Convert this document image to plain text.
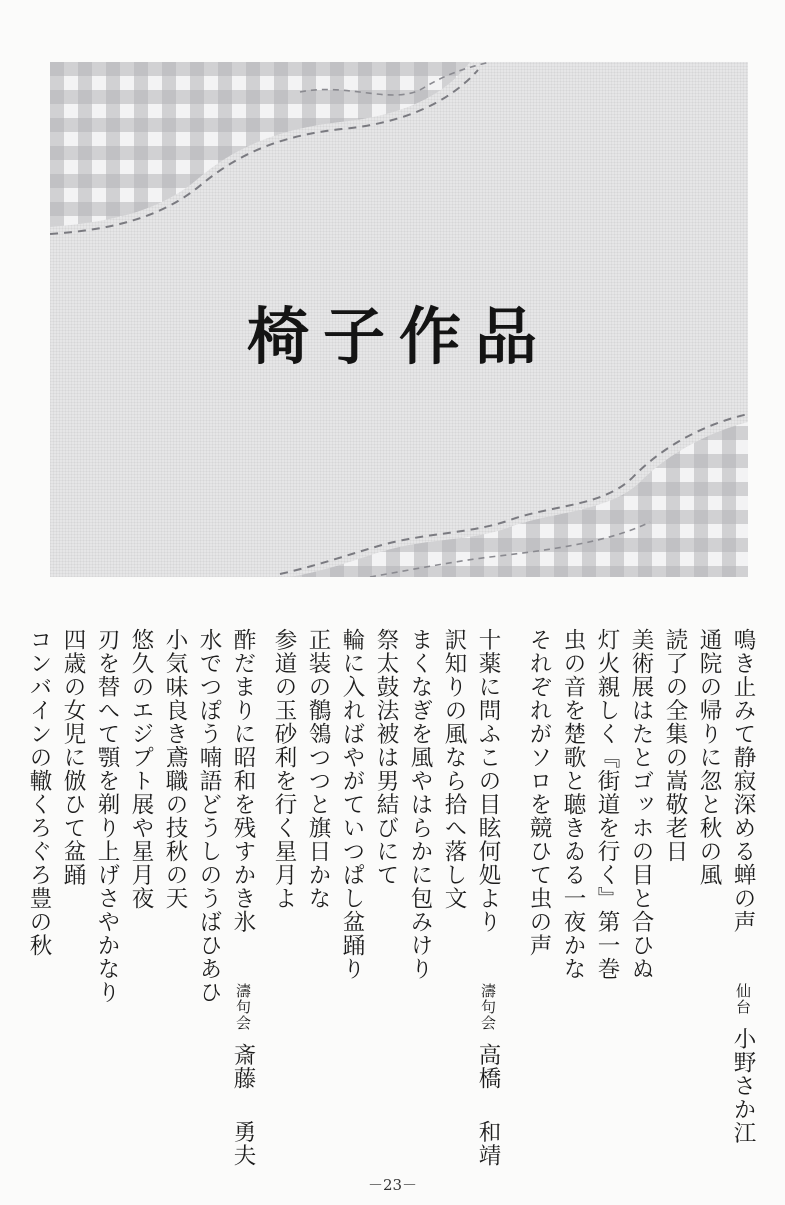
椅子作品
鳴き止みて静寂深める蝉の声
通院の帰りに忽と秋の風
読了の全集の嵩敬老日
美術展はたとゴッホの目と合ひぬ
灯火親しく『街道を行く』第一巻
虫の音を楚歌と聴きゐる一夜かな
それぞれがソロを競ひて虫の声
仙台小野さか江
十薬に問ふこの目眩何処より
訳知りの風なら拾へ落し文
まくなぎを風やはらかに包みけり
祭太鼓法被は男結びにて
輪に入ればやがていつぱし盆踊り
正装の鶺鴒つつと旗日かな
参道の玉砂利を行く星月よ
濤句会高橋和靖
酢だまりに昭和を残すかき氷
水でつぽう喃語どうしのうばひあひ
小気味良き鳶職の技秋の天
悠久のエジプト展や星月夜
刃を替へて顎を剃り上げさやかなり
四歳の女児に倣ひて盆踊
コンバインの轍くろぐろ豊の秋
濤句会斎藤勇夫
－23－
